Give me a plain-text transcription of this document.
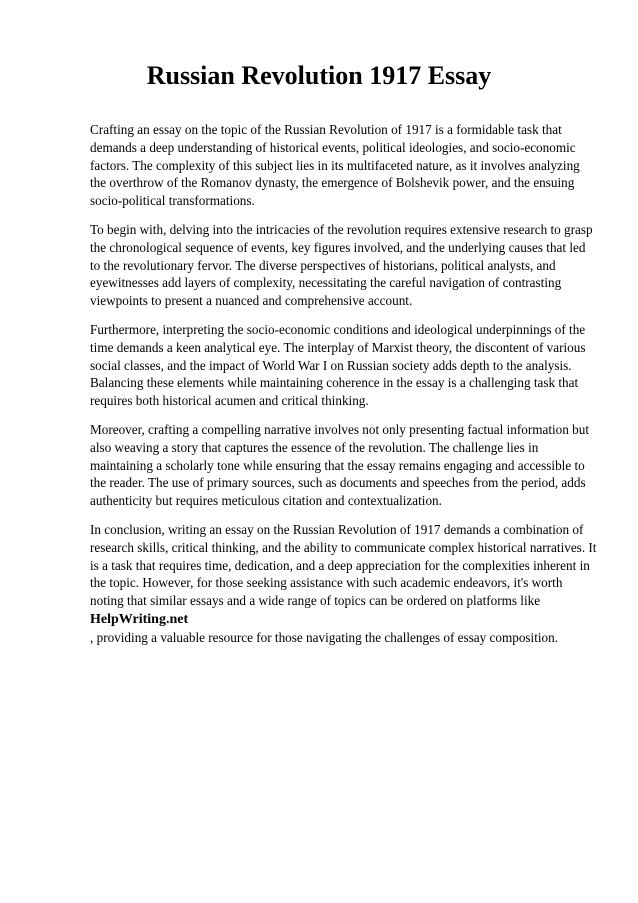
Russian Revolution 1917 Essay

Crafting an essay on the topic of the Russian Revolution of 1917 is a formidable task that demands a deep understanding of historical events, political ideologies, and socio-economic factors. The complexity of this subject lies in its multifaceted nature, as it involves analyzing the overthrow of the Romanov dynasty, the emergence of Bolshevik power, and the ensuing socio-political transformations.

To begin with, delving into the intricacies of the revolution requires extensive research to grasp the chronological sequence of events, key figures involved, and the underlying causes that led to the revolutionary fervor. The diverse perspectives of historians, political analysts, and eyewitnesses add layers of complexity, necessitating the careful navigation of contrasting viewpoints to present a nuanced and comprehensive account.

Furthermore, interpreting the socio-economic conditions and ideological underpinnings of the time demands a keen analytical eye. The interplay of Marxist theory, the discontent of various social classes, and the impact of World War I on Russian society adds depth to the analysis. Balancing these elements while maintaining coherence in the essay is a challenging task that requires both historical acumen and critical thinking.

Moreover, crafting a compelling narrative involves not only presenting factual information but also weaving a story that captures the essence of the revolution. The challenge lies in maintaining a scholarly tone while ensuring that the essay remains engaging and accessible to the reader. The use of primary sources, such as documents and speeches from the period, adds authenticity but requires meticulous citation and contextualization.

In conclusion, writing an essay on the Russian Revolution of 1917 demands a combination of research skills, critical thinking, and the ability to communicate complex historical narratives. It is a task that requires time, dedication, and a deep appreciation for the complexities inherent in the topic. However, for those seeking assistance with such academic endeavors, it's worth noting that similar essays and a wide range of topics can be ordered on platforms like HelpWriting.net
, providing a valuable resource for those navigating the challenges of essay composition.
